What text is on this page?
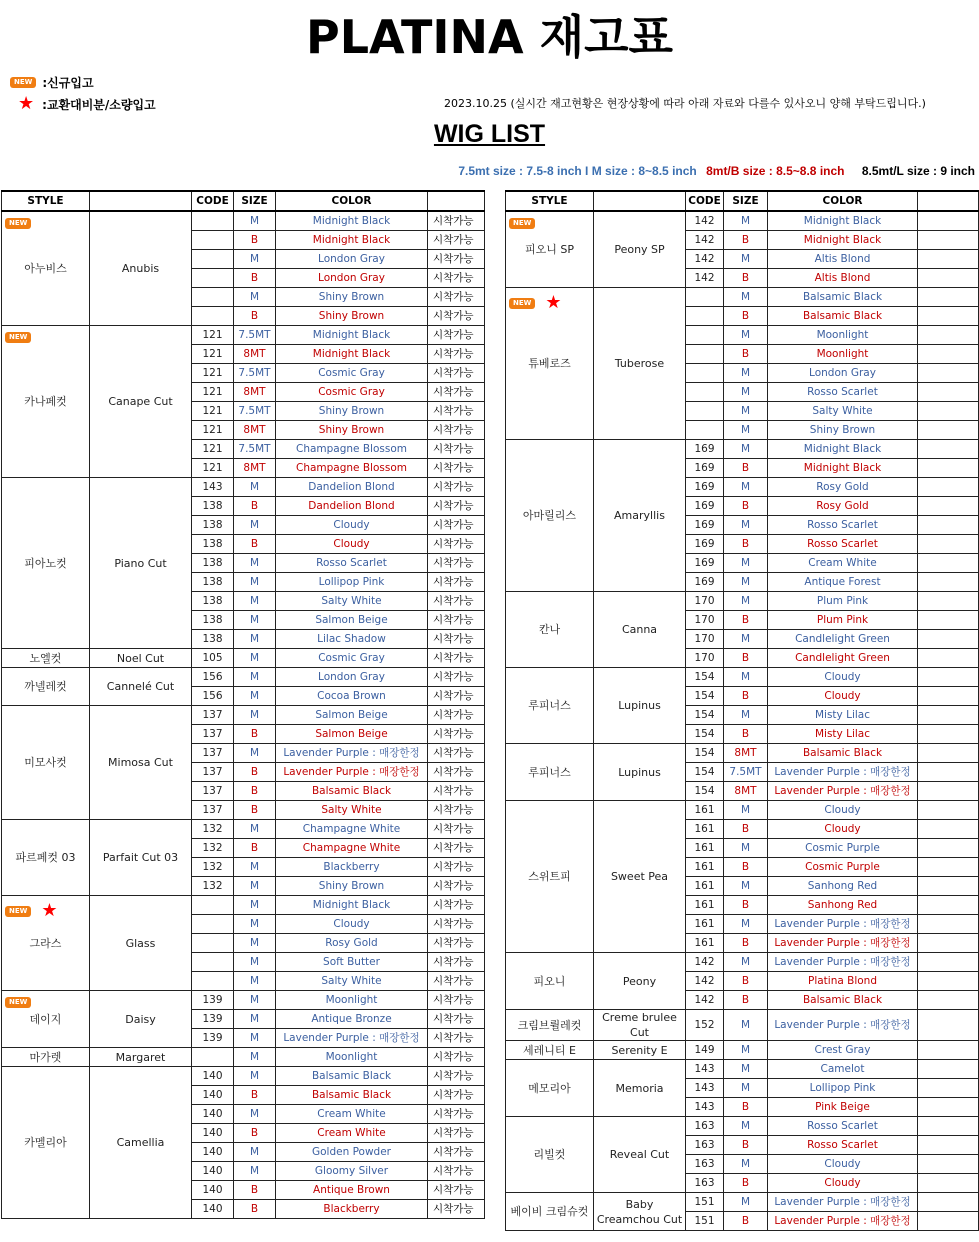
PLATINA 재고표
NEW :신규입고
★ :교환대비분/소량입고	2023.10.25 (실시간 재고현황은 현장상황에 따라 아래 자료와 다를수 있사오니 양해 부탁드립니다.)
WIG LIST
7.5mt size : 7.5-8 inch I M size : 8~8.5 inch 8mt/B size : 8.5~8.8 inch 8.5mt/L size : 9 inch
STYLE		CODE	SIZE	COLOR	

NEW
아누비스	Anubis		M	Midnight Black	시착가능
			B	Midnight Black	시착가능
			M	London Gray	시착가능
			B	London Gray	시착가능
			M	Shiny Brown	시착가능
			B	Shiny Brown	시착가능

NEW
카나페컷	Canape Cut	121	7.5MT	Midnight Black	시착가능
		121	8MT	Midnight Black	시착가능
		121	7.5MT	Cosmic Gray	시착가능
		121	8MT	Cosmic Gray	시착가능
		121	7.5MT	Shiny Brown	시착가능
		121	8MT	Shiny Brown	시착가능
		121	7.5MT	Champagne Blossom	시착가능
		121	8MT	Champagne Blossom	시착가능
피아노컷	Piano Cut	143	M	Dandelion Blond	시착가능
		138	B	Dandelion Blond	시착가능
		138	M	Cloudy	시착가능
		138	B	Cloudy	시착가능
		138	M	Rosso Scarlet	시착가능
		138	M	Lollipop Pink	시착가능
		138	M	Salty White	시착가능
		138	M	Salmon Beige	시착가능
		138	M	Lilac Shadow	시착가능
노엘컷	Noel Cut	105	M	Cosmic Gray	시착가능
까넬레컷	Cannelé Cut	156	M	London Gray	시착가능
		156	M	Cocoa Brown	시착가능
미모사컷	Mimosa Cut	137	M	Salmon Beige	시착가능
		137	B	Salmon Beige	시착가능
		137	M	Lavender Purple : 매장한정	시착가능
		137	B	Lavender Purple : 매장한정	시착가능
		137	B	Balsamic Black	시착가능
		137	B	Salty White	시착가능
파르페컷 03	Parfait Cut 03	132	M	Champagne White	시착가능
		132	B	Champagne White	시착가능
		132	M	Blackberry	시착가능
		132	M	Shiny Brown	시착가능

NEW ★
그라스	Glass		M	Midnight Black	시착가능
			M	Cloudy	시착가능
			M	Rosy Gold	시착가능
			M	Soft Butter	시착가능
			M	Salty White	시착가능

NEW
데이지	Daisy	139	M	Moonlight	시착가능
		139	M	Antique Bronze	시착가능
		139	M	Lavender Purple : 매장한정	시착가능
마가렛	Margaret		M	Moonlight	시착가능
카멜리아	Camellia	140	M	Balsamic Black	시착가능
		140	B	Balsamic Black	시착가능
		140	M	Cream White	시착가능
		140	B	Cream White	시착가능
		140	M	Golden Powder	시착가능
		140	M	Gloomy Silver	시착가능
		140	B	Antique Brown	시착가능
		140	B	Blackberry	시착가능
STYLE		CODE	SIZE	COLOR	

NEW
피오니 SP	Peony SP	142	M	Midnight Black	
		142	B	Midnight Black	
		142	M	Altis Blond	
		142	B	Altis Blond	

NEW ★
튜베로즈	Tuberose		M	Balsamic Black	
			B	Balsamic Black	
			M	Moonlight	
			B	Moonlight	
			M	London Gray	
			M	Rosso Scarlet	
			M	Salty White	
			M	Shiny Brown	
아마릴리스	Amaryllis	169	M	Midnight Black	
		169	B	Midnight Black	
		169	M	Rosy Gold	
		169	B	Rosy Gold	
		169	M	Rosso Scarlet	
		169	B	Rosso Scarlet	
		169	M	Cream White	
		169	M	Antique Forest	
칸나	Canna	170	M	Plum Pink	
		170	B	Plum Pink	
		170	M	Candlelight Green	
		170	B	Candlelight Green	
루피너스	Lupinus	154	M	Cloudy	
		154	B	Cloudy	
		154	M	Misty Lilac	
		154	B	Misty Lilac	
루피너스	Lupinus	154	8MT	Balsamic Black	
		154	7.5MT	Lavender Purple : 매장한정	
		154	8MT	Lavender Purple : 매장한정	
스위트피	Sweet Pea	161	M	Cloudy	
		161	B	Cloudy	
		161	M	Cosmic Purple	
		161	B	Cosmic Purple	
		161	M	Sanhong Red	
		161	B	Sanhong Red	
		161	M	Lavender Purple : 매장한정	
		161	B	Lavender Purple : 매장한정	
피오니	Peony	142	M	Lavender Purple : 매장한정	
		142	B	Platina Blond	
		142	B	Balsamic Black	
크림브륄레컷	Creme brulee Cut	152	M	Lavender Purple : 매장한정	
세레니티 E	Serenity E	149	M	Crest Gray	
메모리아	Memoria	143	M	Camelot	
		143	M	Lollipop Pink	
		143	B	Pink Beige	
리빌컷	Reveal Cut	163	M	Rosso Scarlet	
		163	B	Rosso Scarlet	
		163	M	Cloudy	
		163	B	Cloudy	
베이비 크림슈컷	Baby Creamchou Cut	151	M	Lavender Purple : 매장한정	
		151	B	Lavender Purple : 매장한정	
